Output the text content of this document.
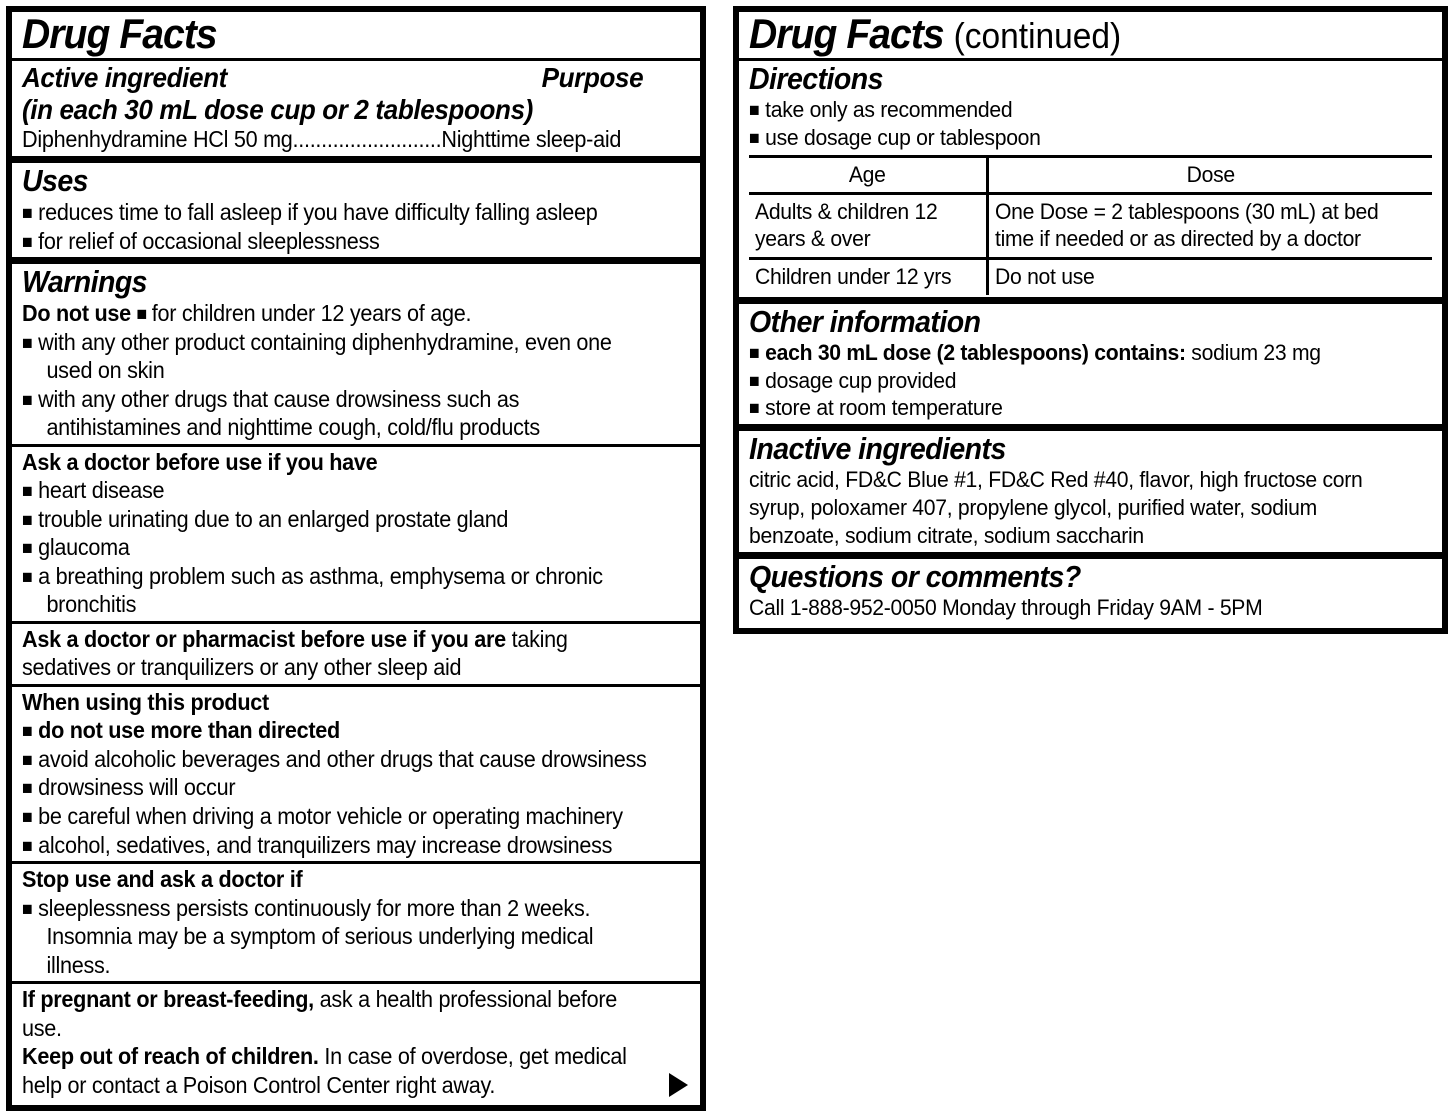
Drug Facts
Active ingredient	Purpose
(in each 30 mL dose cup or 2 tablespoons)
Diphenhydramine HCl 50 mg..........................Nighttime sleep-aid
Uses
■ reduces time to fall asleep if you have difficulty falling asleep
■ for relief of occasional sleeplessness
Warnings
Do not use ■ for children under 12 years of age.
■ with any other product containing diphenhydramine, even one used on skin
■ with any other drugs that cause drowsiness such as antihistamines and nighttime cough, cold/flu products
Ask a doctor before use if you have
■ heart disease
■ trouble urinating due to an enlarged prostate gland
■ glaucoma
■ a breathing problem such as asthma, emphysema or chronic bronchitis
Ask a doctor or pharmacist before use if you are taking sedatives or tranquilizers or any other sleep aid
When using this product
■ do not use more than directed
■ avoid alcoholic beverages and other drugs that cause drowsiness
■ drowsiness will occur
■ be careful when driving a motor vehicle or operating machinery
■ alcohol, sedatives, and tranquilizers may increase drowsiness
Stop use and ask a doctor if
■ sleeplessness persists continuously for more than 2 weeks. Insomnia may be a symptom of serious underlying medical illness.
If pregnant or breast-feeding, ask a health professional before use.
Keep out of reach of children. In case of overdose, get medical help or contact a Poison Control Center right away.
Drug Facts (continued)
Directions
■ take only as recommended
■ use dosage cup or tablespoon
Age	Dose

Adults & children 12 years & over	One Dose = 2 tablespoons (30 mL) at bed time if needed or as directed by a doctor

Children under 12 yrs	Do not use
Other information
■ each 30 mL dose (2 tablespoons) contains: sodium 23 mg
■ dosage cup provided
■ store at room temperature
Inactive ingredients
citric acid, FD&C Blue #1, FD&C Red #40, flavor, high fructose corn syrup, poloxamer 407, propylene glycol, purified water, sodium benzoate, sodium citrate, sodium saccharin
Questions or comments?
Call 1-888-952-0050 Monday through Friday 9AM - 5PM
